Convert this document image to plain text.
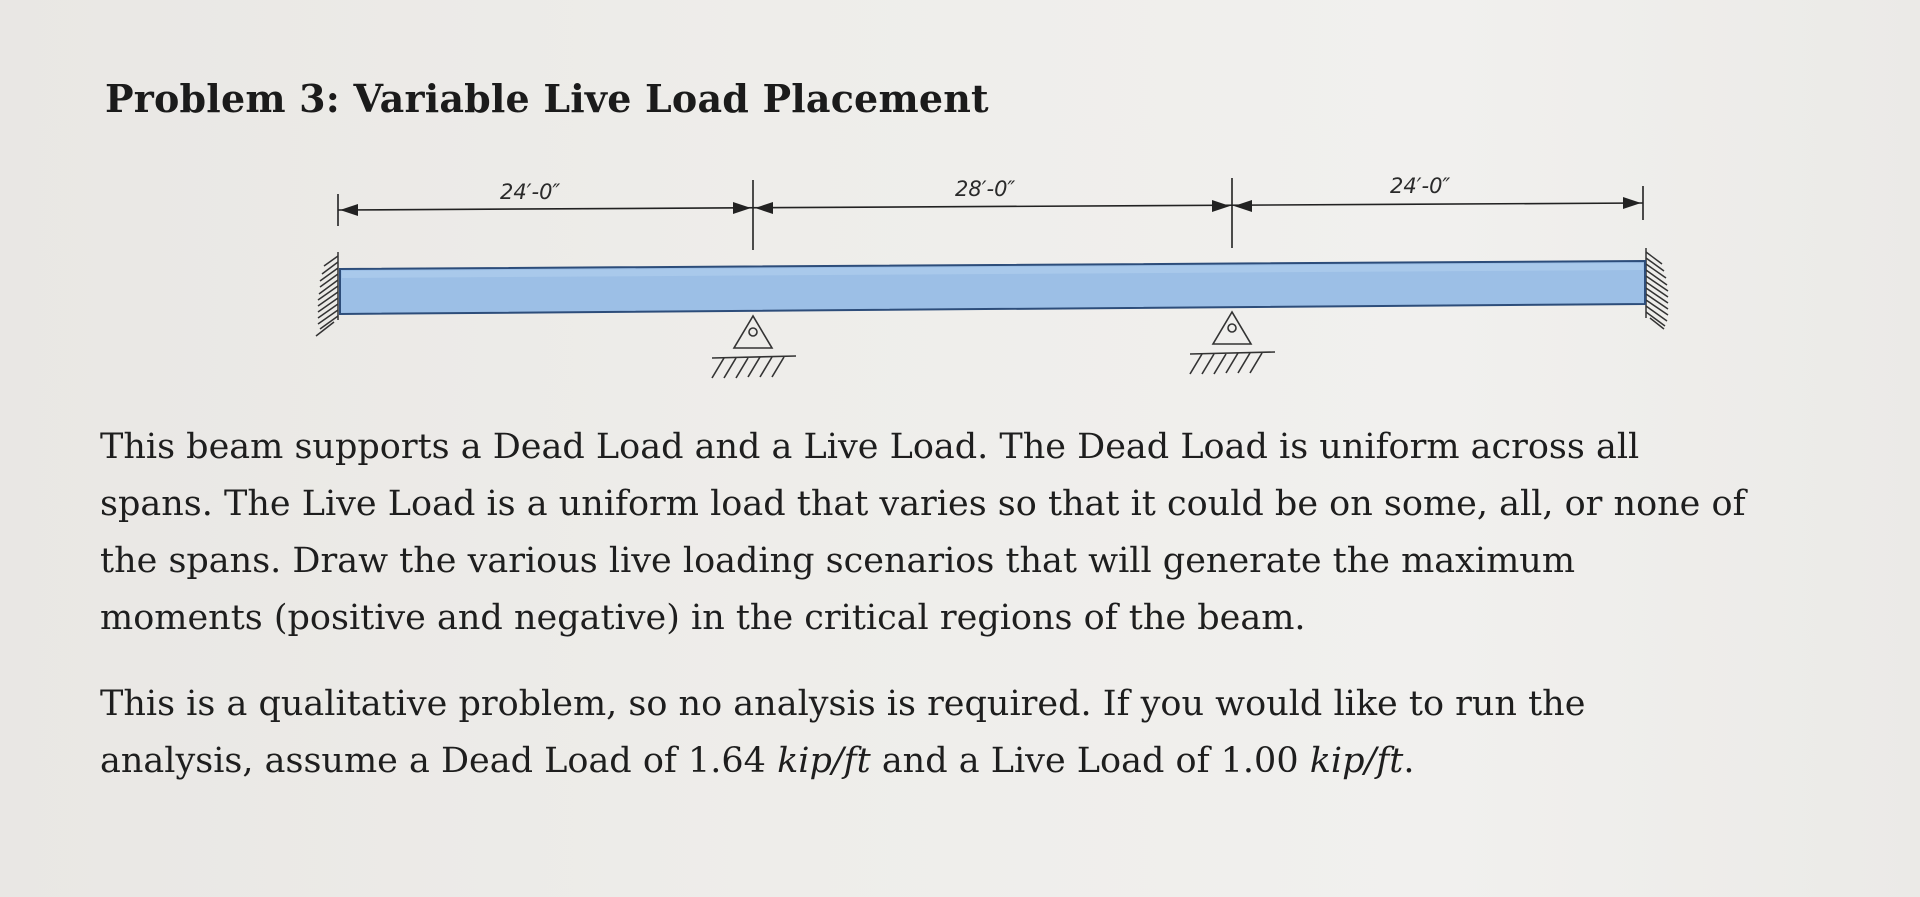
Problem 3: Variable Live Load Placement
24′-0″	28′-0″	24′-0″
This beam supports a Dead Load and a Live Load. The Dead Load is uniform across all
spans. The Live Load is a uniform load that varies so that it could be on some, all, or none of
the spans. Draw the various live loading scenarios that will generate the maximum
moments (positive and negative) in the critical regions of the beam.
This is a qualitative problem, so no analysis is required. If you would like to run the
analysis, assume a Dead Load of 1.64 kip/ft and a Live Load of 1.00 kip/ft.
